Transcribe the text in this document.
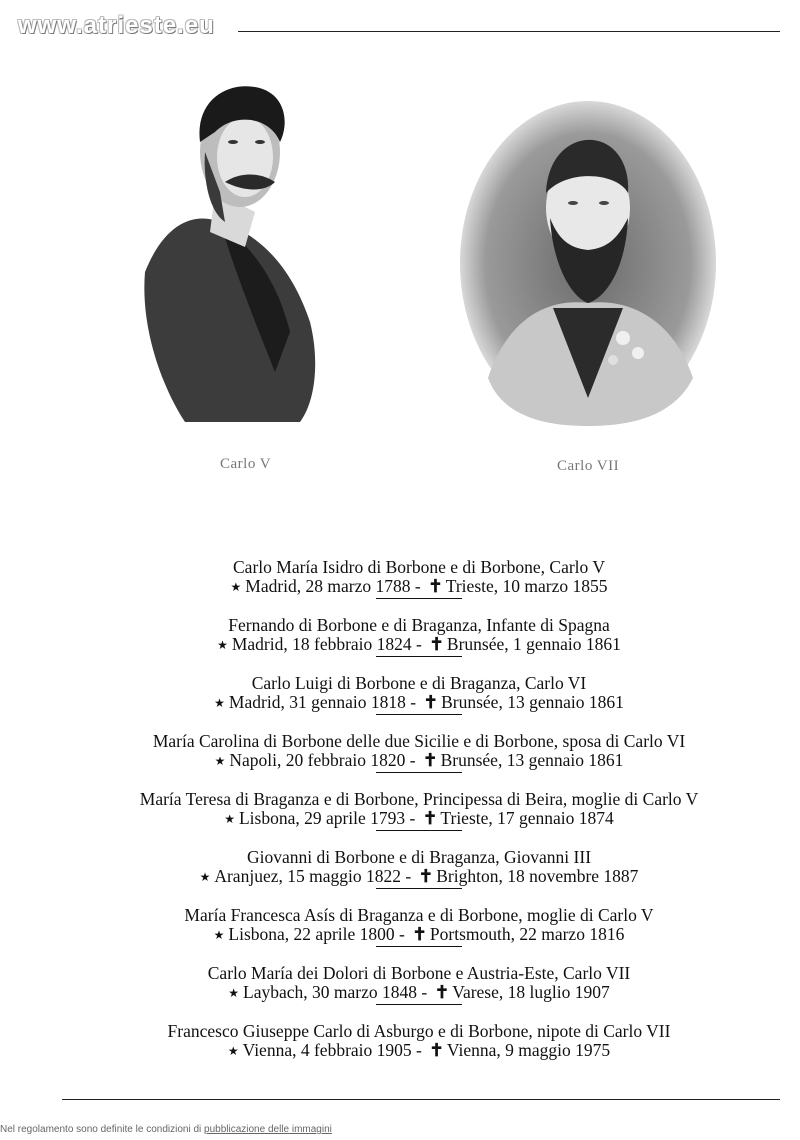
www.atrieste.eu
Carlo V	Carlo VII
Carlo María Isidro di Borbone e di Borbone, Carlo V
★ Madrid, 28 marzo 1788 - ✝ Trieste, 10 marzo 1855
Fernando di Borbone e di Braganza, Infante di Spagna
★ Madrid, 18 febbraio 1824 - ✝ Brunsée, 1 gennaio 1861
Carlo Luigi di Borbone e di Braganza, Carlo VI
★ Madrid, 31 gennaio 1818 - ✝ Brunsée, 13 gennaio 1861
María Carolina di Borbone delle due Sicilie e di Borbone, sposa di Carlo VI
★ Napoli, 20 febbraio 1820 - ✝ Brunsée, 13 gennaio 1861
María Teresa di Braganza e di Borbone, Principessa di Beira, moglie di Carlo V
★ Lisbona, 29 aprile 1793 - ✝ Trieste, 17 gennaio 1874
Giovanni di Borbone e di Braganza, Giovanni III
★ Aranjuez, 15 maggio 1822 - ✝ Brighton, 18 novembre 1887
María Francesca Asís di Braganza e di Borbone, moglie di Carlo V
★ Lisbona, 22 aprile 1800 - ✝ Portsmouth, 22 marzo 1816
Carlo María dei Dolori di Borbone e Austria-Este, Carlo VII
★ Laybach, 30 marzo 1848 - ✝ Varese, 18 luglio 1907
Francesco Giuseppe Carlo di Asburgo e di Borbone, nipote di Carlo VII
★ Vienna, 4 febbraio 1905 - ✝ Vienna, 9 maggio 1975
Nel regolamento sono definite le condizioni di pubblicazione delle immagini
